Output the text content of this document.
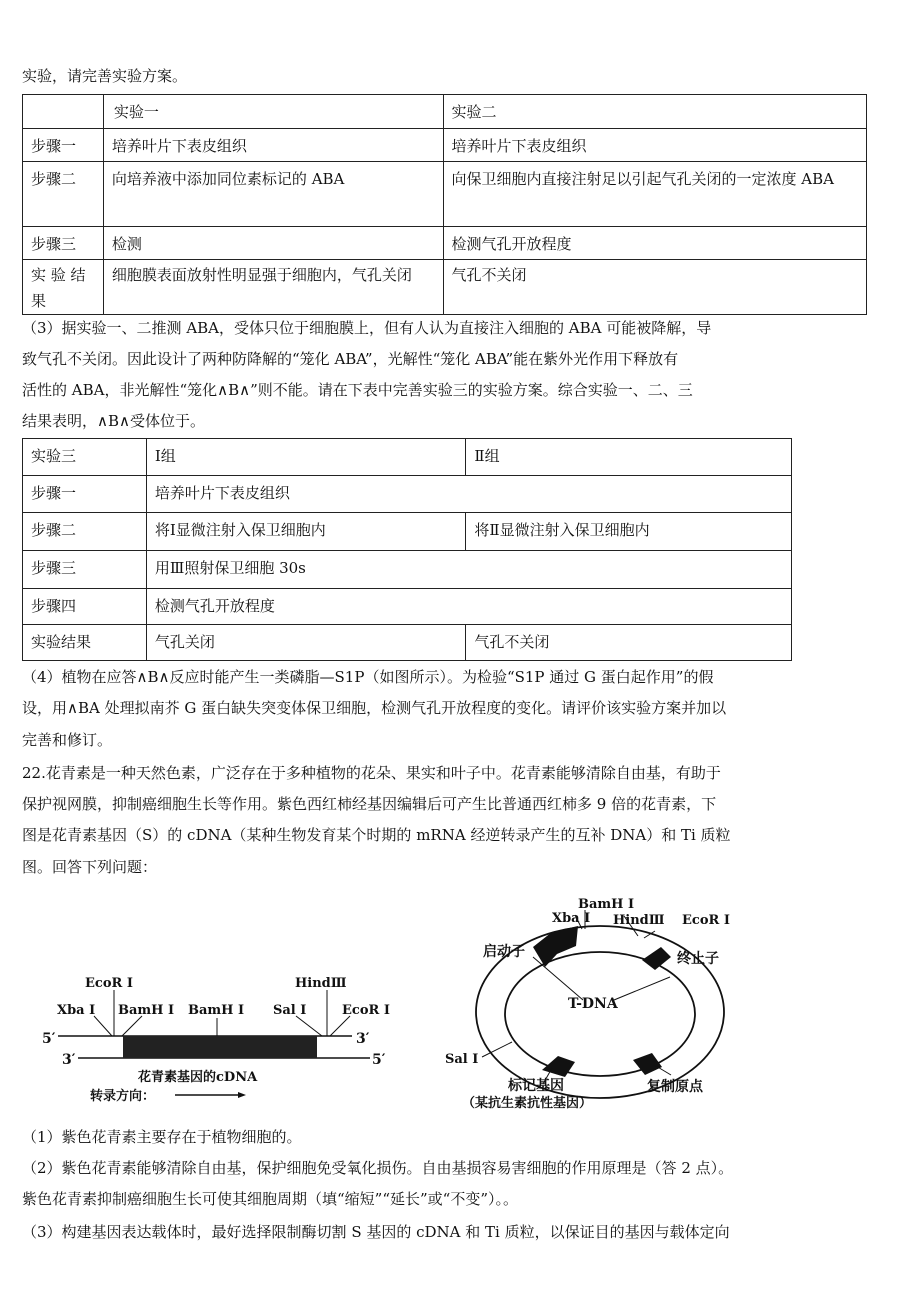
实验，请完善实验方案。
	实验一	实验二
步骤一	培养叶片下表皮组织	培养叶片下表皮组织
步骤二	向培养液中添加同位素标记的 ABA	向保卫细胞内直接注射足以引起气孔关闭的一定浓度 ABA
步骤三	检测	检测气孔开放程度
实 验 结果	细胞膜表面放射性明显强于细胞内，气孔关闭	气孔不关闭
（3）据实验一、二推测 ABA，受体只位于细胞膜上，但有人认为直接注入细胞的 ABA 可能被降解，导
致气孔不关闭。因此设计了两种防降解的“笼化 ABA”，光解性“笼化 ABA”能在紫外光作用下释放有
活性的 ABA，非光解性“笼化∧B∧”则不能。请在下表中完善实验三的实验方案。综合实验一、二、三
结果表明，∧B∧受体位于。
实验三	Ⅰ组	Ⅱ组
步骤一	培养叶片下表皮组织	
步骤二	将Ⅰ显微注射入保卫细胞内	将Ⅱ显微注射入保卫细胞内
步骤三	用Ⅲ照射保卫细胞 30s	
步骤四	检测气孔开放程度	
实验结果	气孔关闭	气孔不关闭
（4）植物在应答∧B∧反应时能产生一类磷脂—S1P（如图所示）。为检验“S1P 通过 G 蛋白起作用”的假
设，用∧BA 处理拟南芥 G 蛋白缺失突变体保卫细胞，检测气孔开放程度的变化。请评价该实验方案并加以
完善和修订。
22.花青素是一种天然色素，广泛存在于多种植物的花朵、果实和叶子中。花青素能够清除自由基，有助于
保护视网膜，抑制癌细胞生长等作用。紫色西红柿经基因编辑后可产生比普通西红柿多 9 倍的花青素，下
图是花青素基因（S）的 cDNA（某种生物发育某个时期的 mRNA 经逆转录产生的互补 DNA）和 Ti 质粒
图。回答下列问题：
EcoR I
Xba I BamH I BamH I
HindⅢ
Sal I	EcoR I
5′
3′
3′
5′
花青素基因的cDNA
转录方向：
BamH I
Xba I HindⅢ EcoR I
启动子	终止子
T-DNA
Sal I
标记基因
（某抗生素抗性基因）
复制原点
（1）紫色花青素主要存在于植物细胞的。
（2）紫色花青素能够清除自由基，保护细胞免受氧化损伤。自由基损容易害细胞的作用原理是（答 2 点）。
紫色花青素抑制癌细胞生长可使其细胞周期（填“缩短”“延长”或“不变”）。。
（3）构建基因表达载体时，最好选择限制酶切割 S 基因的 cDNA 和 Ti 质粒，以保证目的基因与载体定向
